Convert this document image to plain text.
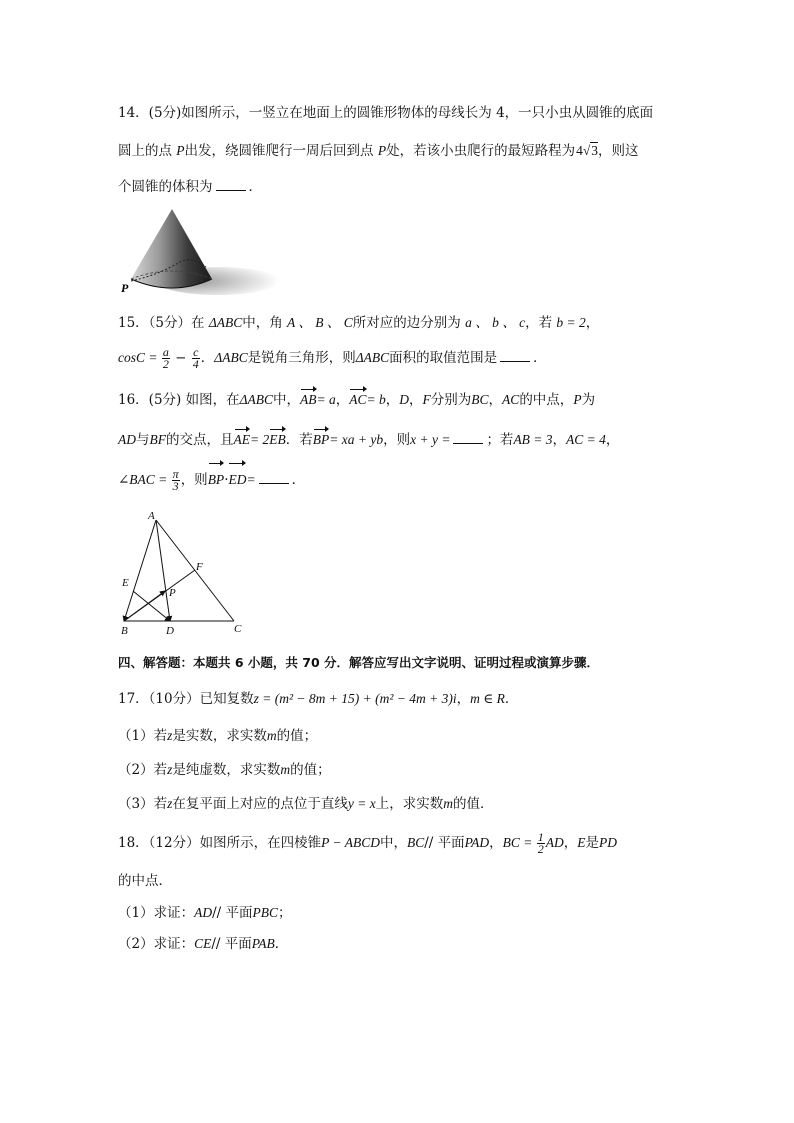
14．(5分)如图所示，一竖立在地面上的圆锥形物体的母线长为 4，一只小虫从圆锥的底面
圆上的点 P出发，绕圆锥爬行一周后回到点 P处，若该小虫爬行的最短路程为4√3，则这
个圆锥的体积为	．
P
15．（5分）在 ΔABC中，角 A 、 B 、 C所对应的边分别为 a 、 b 、 c，若 b = 2，
$\cos C = \frac{a}{2} - \frac{c}{4}$ ．ΔABC是锐角三角形，则ΔABC面积的取值范围是	．
16．(5分) 如图，在ΔABC中，AB= a，AC= b，D，F分别为BC，AC的中点，P为
AD与BF的交点，且AE= 2EB．若BP= xa + yb，则x + y =	；若AB = 3，AC = 4，
∠BAC = $\frac{\pi}{3}$ ，则BP·ED=	．
A
B	C
D
E
F
P
四、解答题：本题共 6 小题，共 70 分．解答应写出文字说明、证明过程或演算步骤．
17．（10分）已知复数z = (m² − 8m + 15) + (m² − 4m + 3)i，m ∈ R．
（1）若z是实数，求实数m的值；
（2）若z是纯虚数，求实数m的值；
（3）若z在复平面上对应的点位于直线y = x上，求实数m的值．
18．（12分）如图所示，在四棱锥P − ABCD中，BC// 平面PAD，BC = $\frac{1}{2}$ AD，E是PD
的中点．
（1）求证：AD// 平面PBC；
（2）求证：CE// 平面PAB．
